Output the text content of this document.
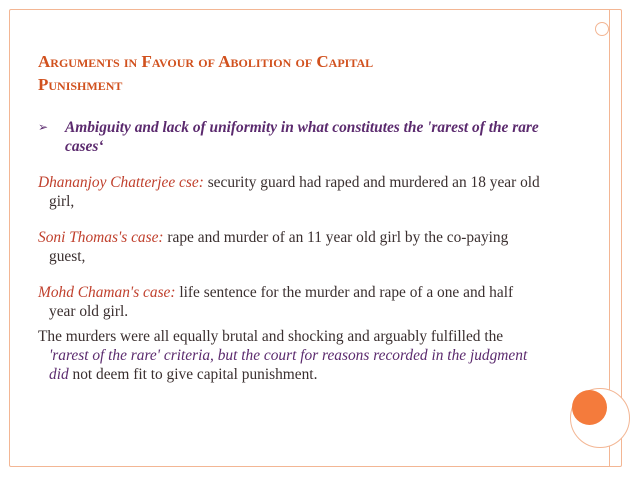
Arguments in Favour of Abolition of Capital
Punishment
➢	Ambiguity and lack of uniformity in what constitutes the 'rarest of the rare cases‘
Dhananjoy Chatterjee cse: security guard had raped and murdered an 18 year old girl,
Soni Thomas's case: rape and murder of an 11 year old girl by the co-paying guest,
Mohd Chaman's case: life sentence for the murder and rape of a one and half year old girl.
The murders were all equally brutal and shocking and arguably fulfilled the 'rarest of the rare' criteria, but the court for reasons recorded in the judgment did not deem fit to give capital punishment.
